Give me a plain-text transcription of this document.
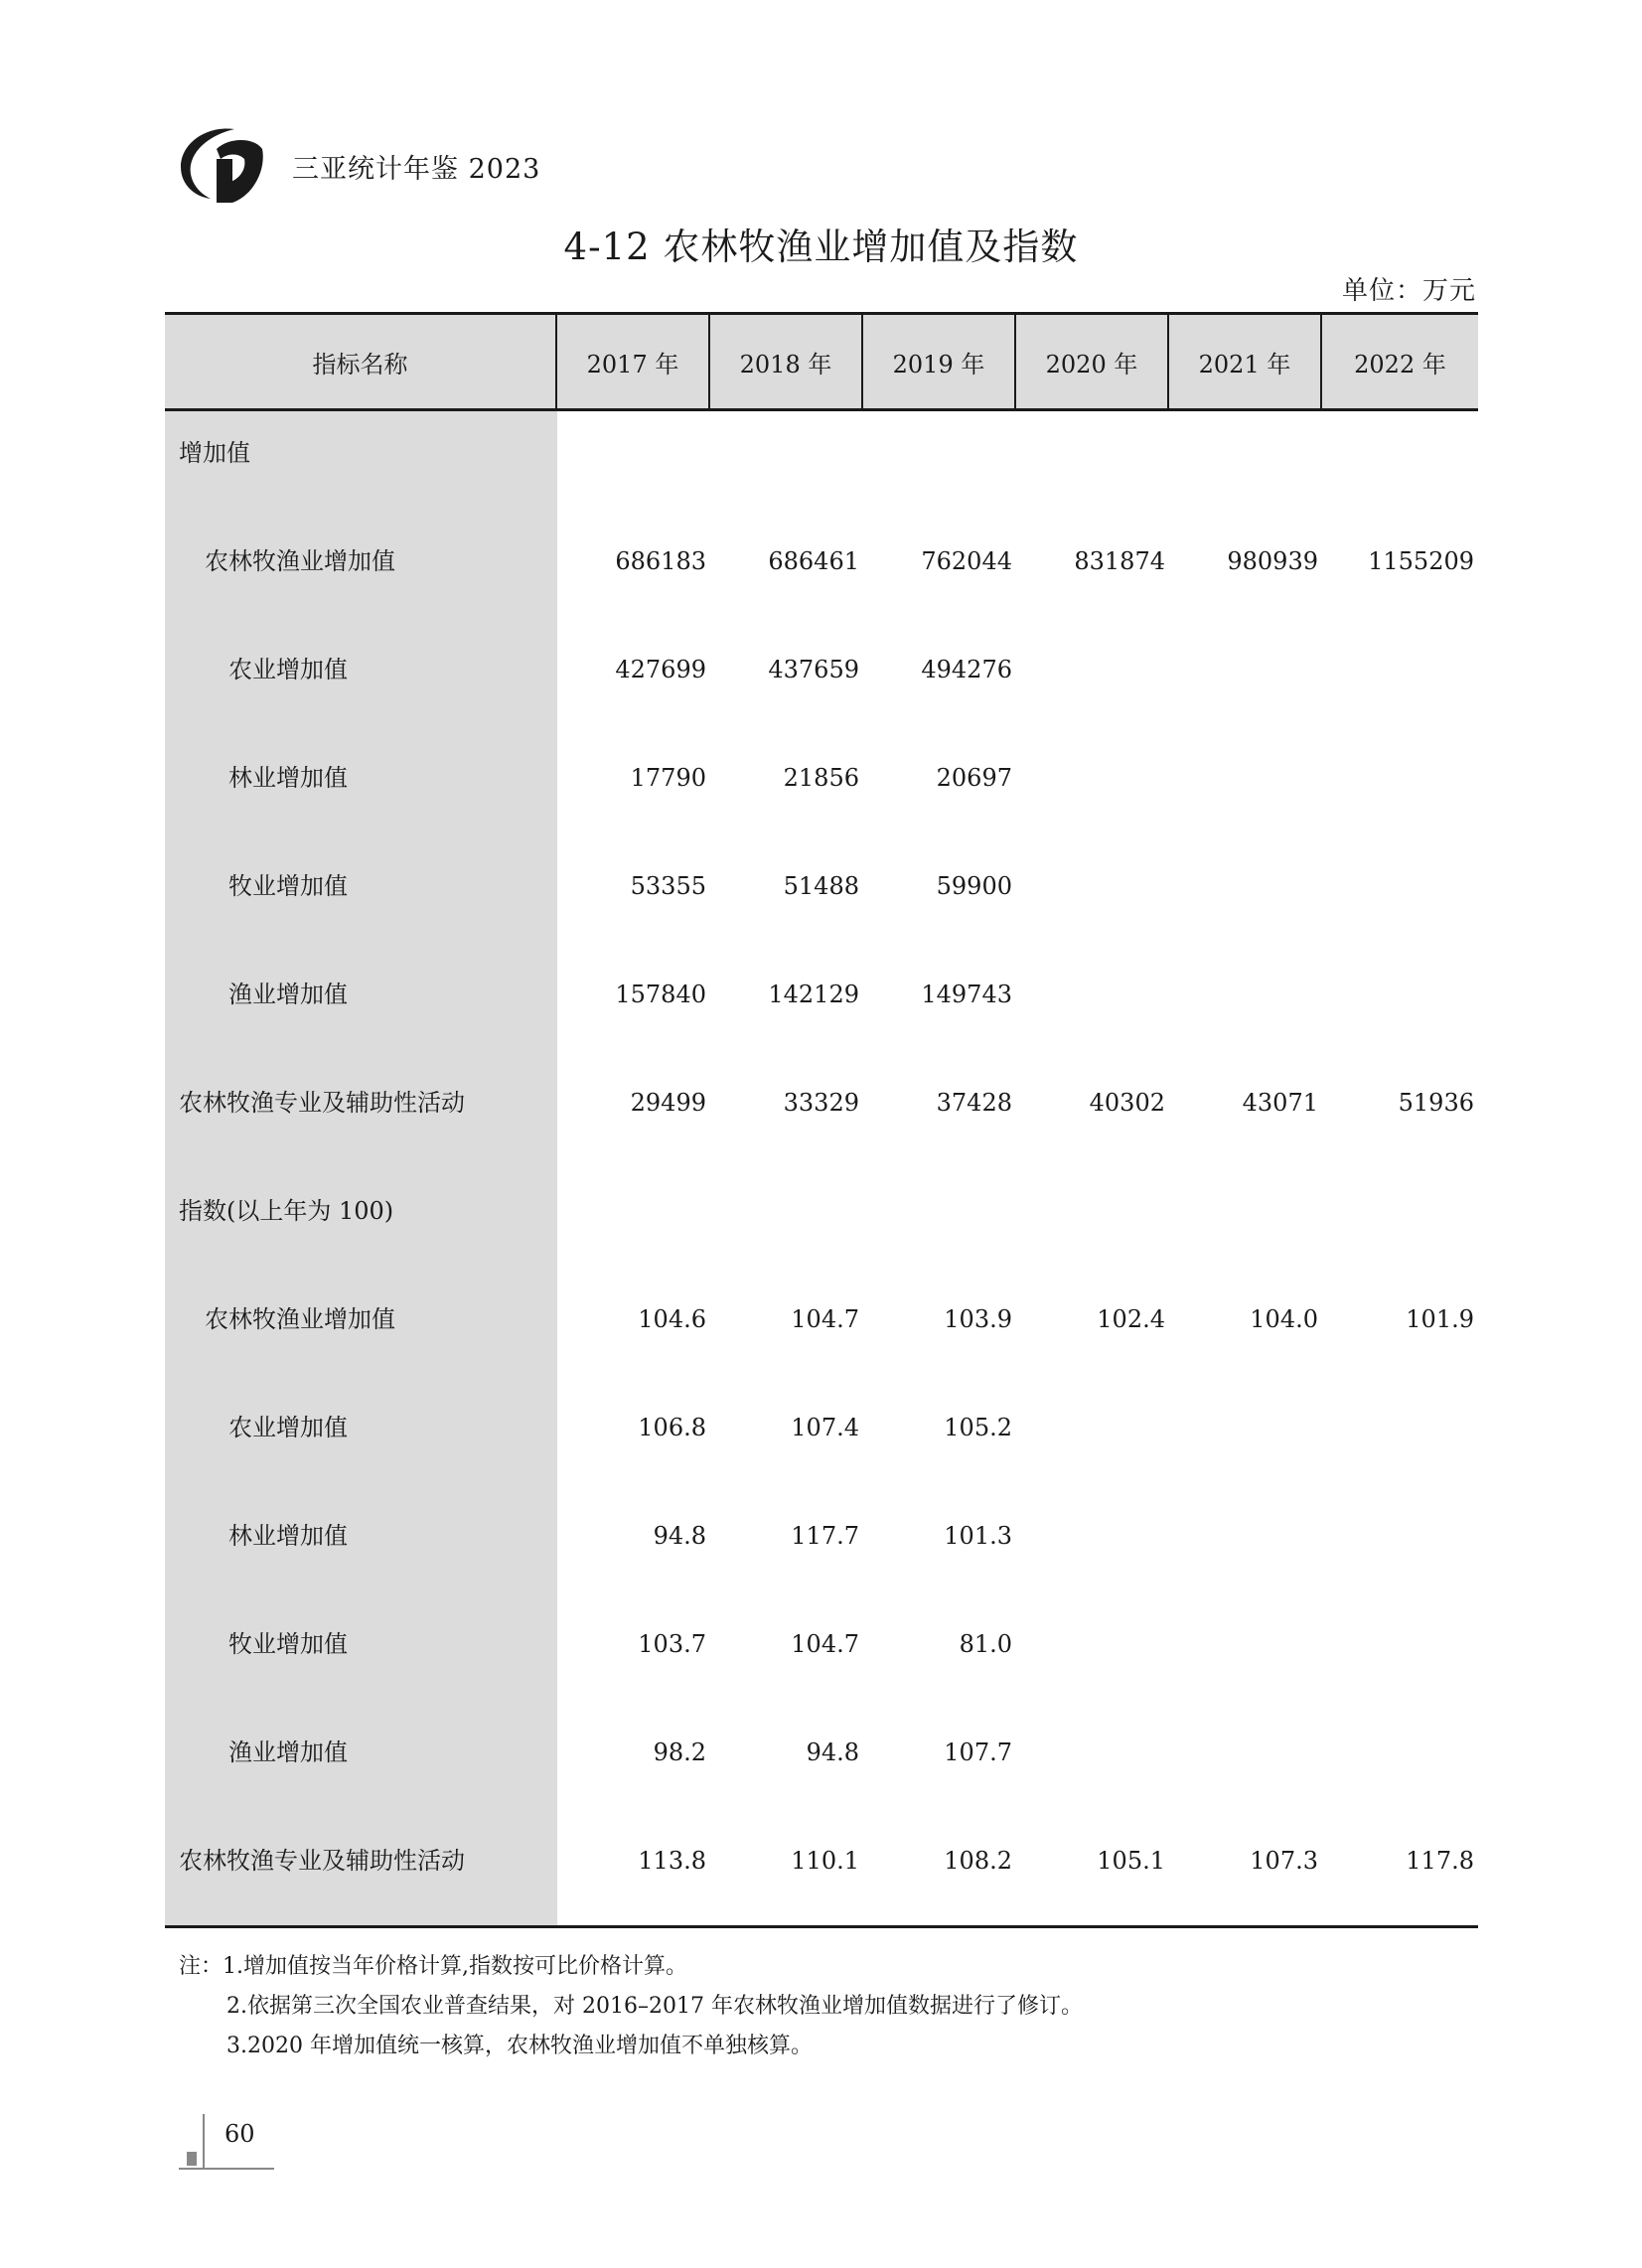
三亚统计年鉴 2023
4-12 农林牧渔业增加值及指数
单位：万元
指标名称	2017 年	2018 年	2019 年	2020 年	2021 年	2022 年
增加值
农林牧渔业增加值	686183	686461	762044	831874	980939	1155209
农业增加值	427699	437659	494276
林业增加值	17790	21856	20697
牧业增加值	53355	51488	59900
渔业增加值	157840	142129	149743
农林牧渔专业及辅助性活动	29499	33329	37428	40302	43071	51936
指数(以上年为 100)
农林牧渔业增加值	104.6	104.7	103.9	102.4	104.0	101.9
农业增加值	106.8	107.4	105.2
林业增加值	94.8	117.7	101.3
牧业增加值	103.7	104.7	81.0
渔业增加值	98.2	94.8	107.7
农林牧渔专业及辅助性活动	113.8	110.1	108.2	105.1	107.3	117.8
注：1.增加值按当年价格计算,指数按可比价格计算。
2.依据第三次全国农业普查结果，对 2016–2017 年农林牧渔业增加值数据进行了修订。
3.2020 年增加值统一核算，农林牧渔业增加值不单独核算。
60
